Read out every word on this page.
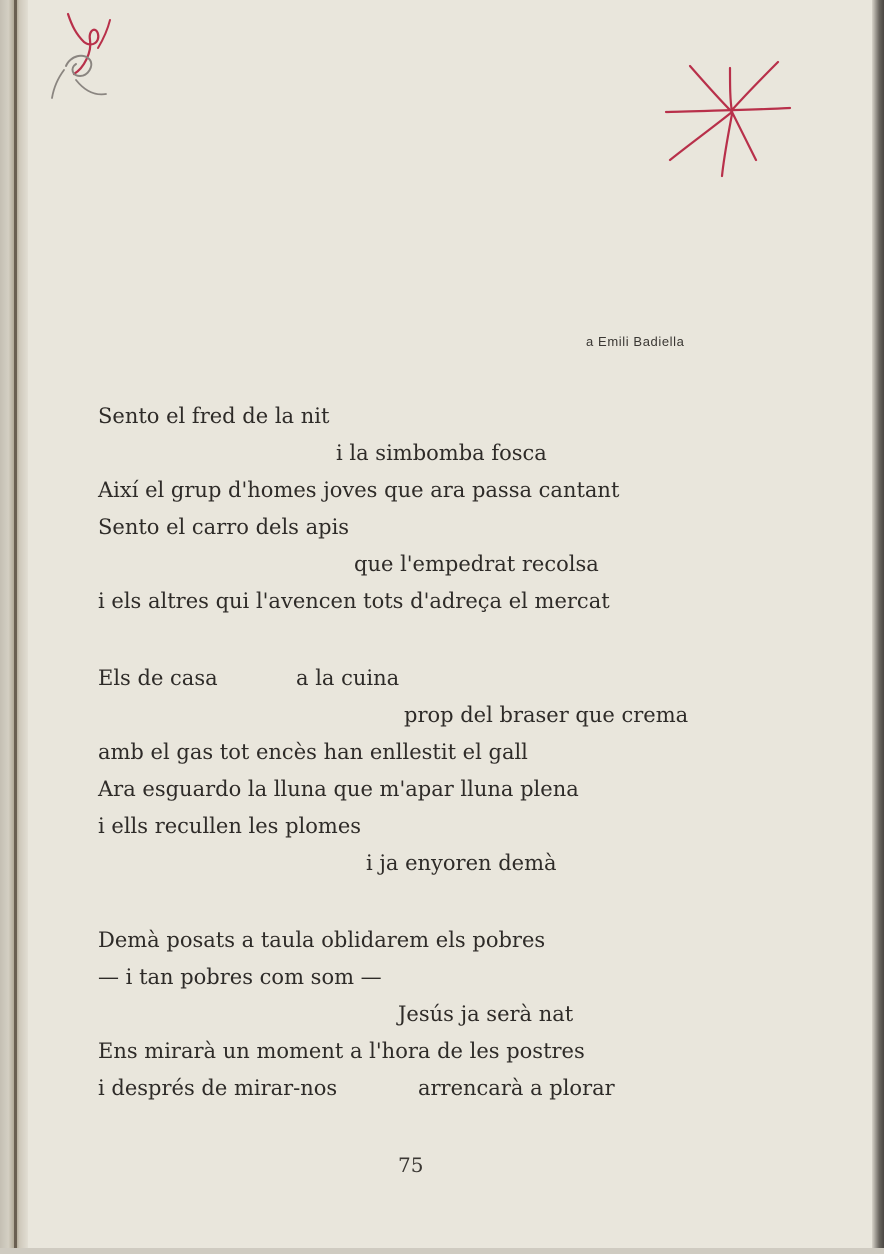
a Emili Badiella
Sento el fred de la nit
i la simbomba fosca
Així el grup d'homes joves que ara passa cantant
Sento el carro dels apis
que l'empedrat recolsa
i els altres qui l'avencen tots d'adreça el mercat
Els de casa	a la cuina
prop del braser que crema
amb el gas tot encès han enllestit el gall
Ara esguardo la lluna que m'apar lluna plena
i ells recullen les plomes
i ja enyoren demà
Demà posats a taula oblidarem els pobres
— i tan pobres com som —
Jesús ja serà nat
Ens mirarà un moment a l'hora de les postres
i després de mirar-nos	arrencarà a plorar
75
